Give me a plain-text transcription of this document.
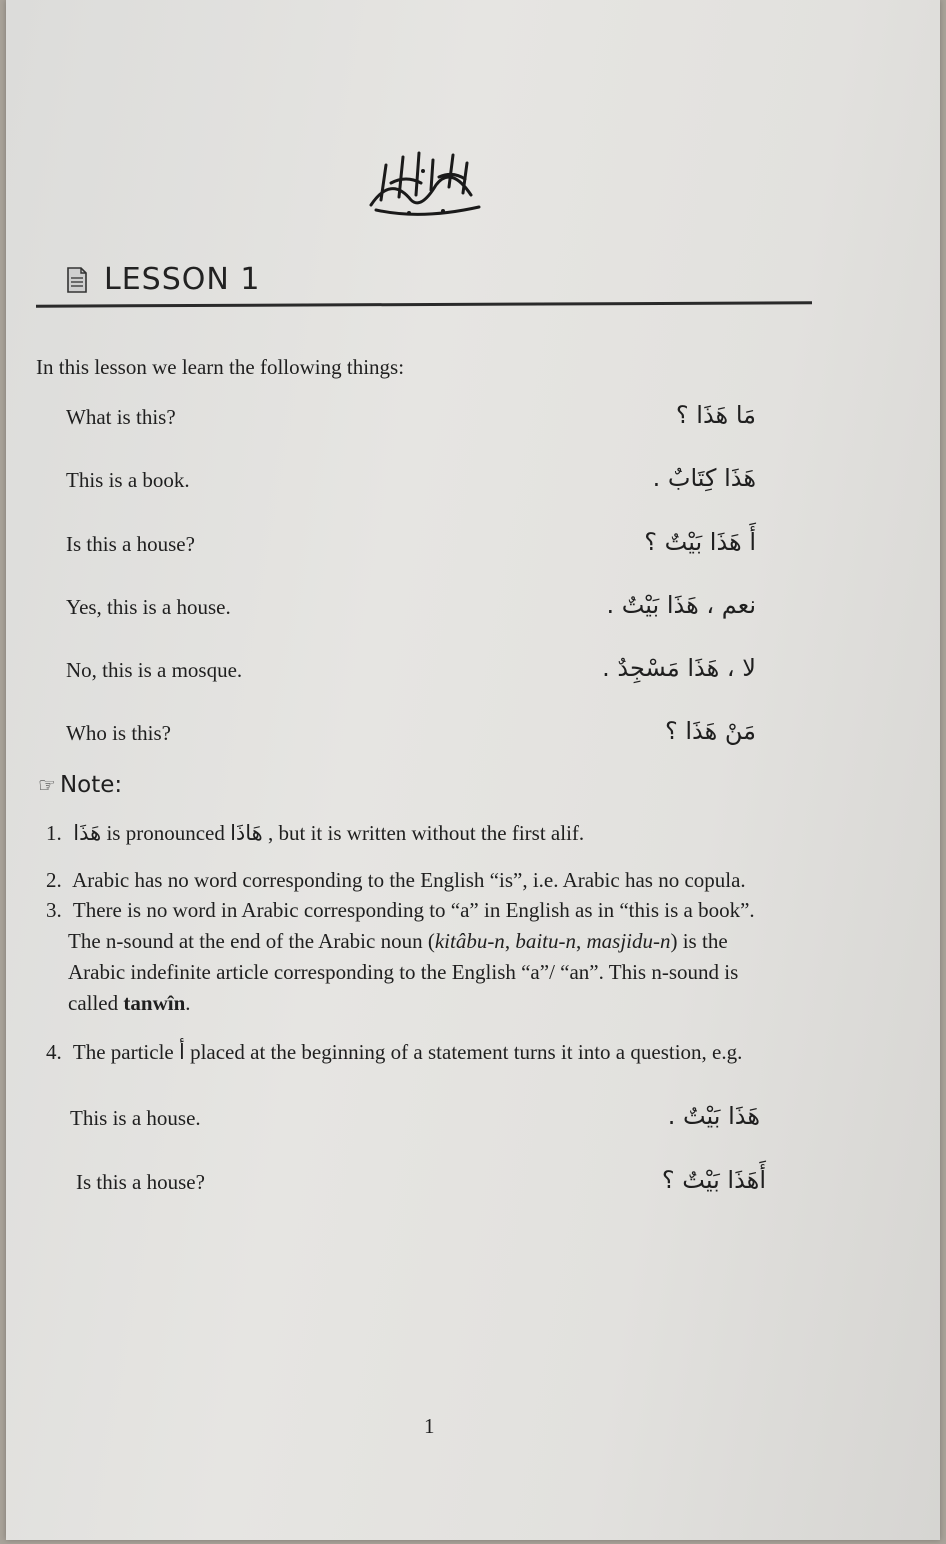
LESSON 1
In this lesson we learn the following things:
What is this?	مَا هَذَا ؟
This is a book.	هَذَا كِتَابٌ .
Is this a house?	أَ هَذَا بَيْتٌ ؟
Yes, this is a house.	نعم ، هَذَا بَيْتٌ .
No, this is a mosque.	لا ، هَذَا مَسْجِدٌ .
Who is this?	مَنْ هَذَا ؟
☞ Note:
1. هَذَا is pronounced هَاذَا , but it is written without the first alif.
2. Arabic has no word corresponding to the English “is”, i.e. Arabic has no copula.
3. There is no word in Arabic corresponding to “a” in English as in “this is a book”.
The n-sound at the end of the Arabic noun (kitâbu-n, baitu-n, masjidu-n) is the
Arabic indefinite article corresponding to the English “a”/ “an”. This n-sound is
called tanwîn.
4. The particle أ placed at the beginning of a statement turns it into a question, e.g.
This is a house.	هَذَا بَيْتٌ .
Is this a house?	أَهَذَا بَيْتٌ ؟
1
